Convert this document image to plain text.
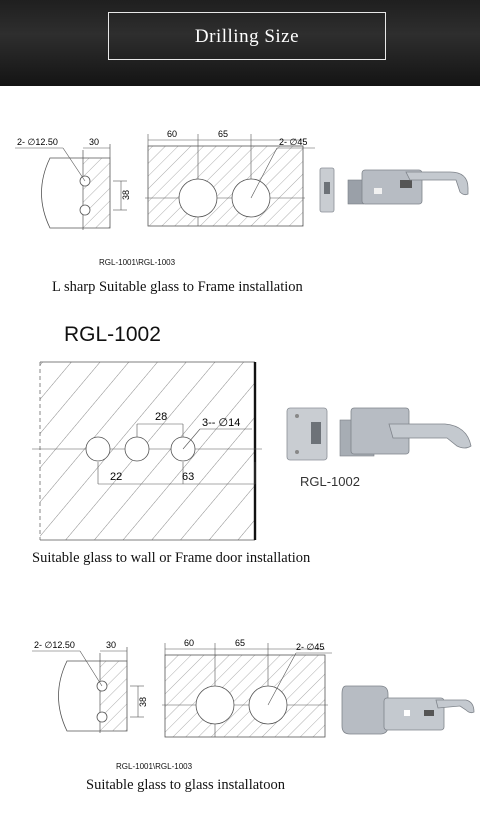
Drilling Size
2- ∅12.50	30
38
60	65
2- ∅45
RGL-1001\RGL-1003
L sharp Suitable glass to Frame installation
RGL-1002
28	3-- ∅14
22	63	RGL-1002
Suitable glass to wall or Frame door installation
2- ∅12.50	30
38
60	65	2- ∅45
RGL-1001\RGL-1003
Suitable glass to glass installatoon
